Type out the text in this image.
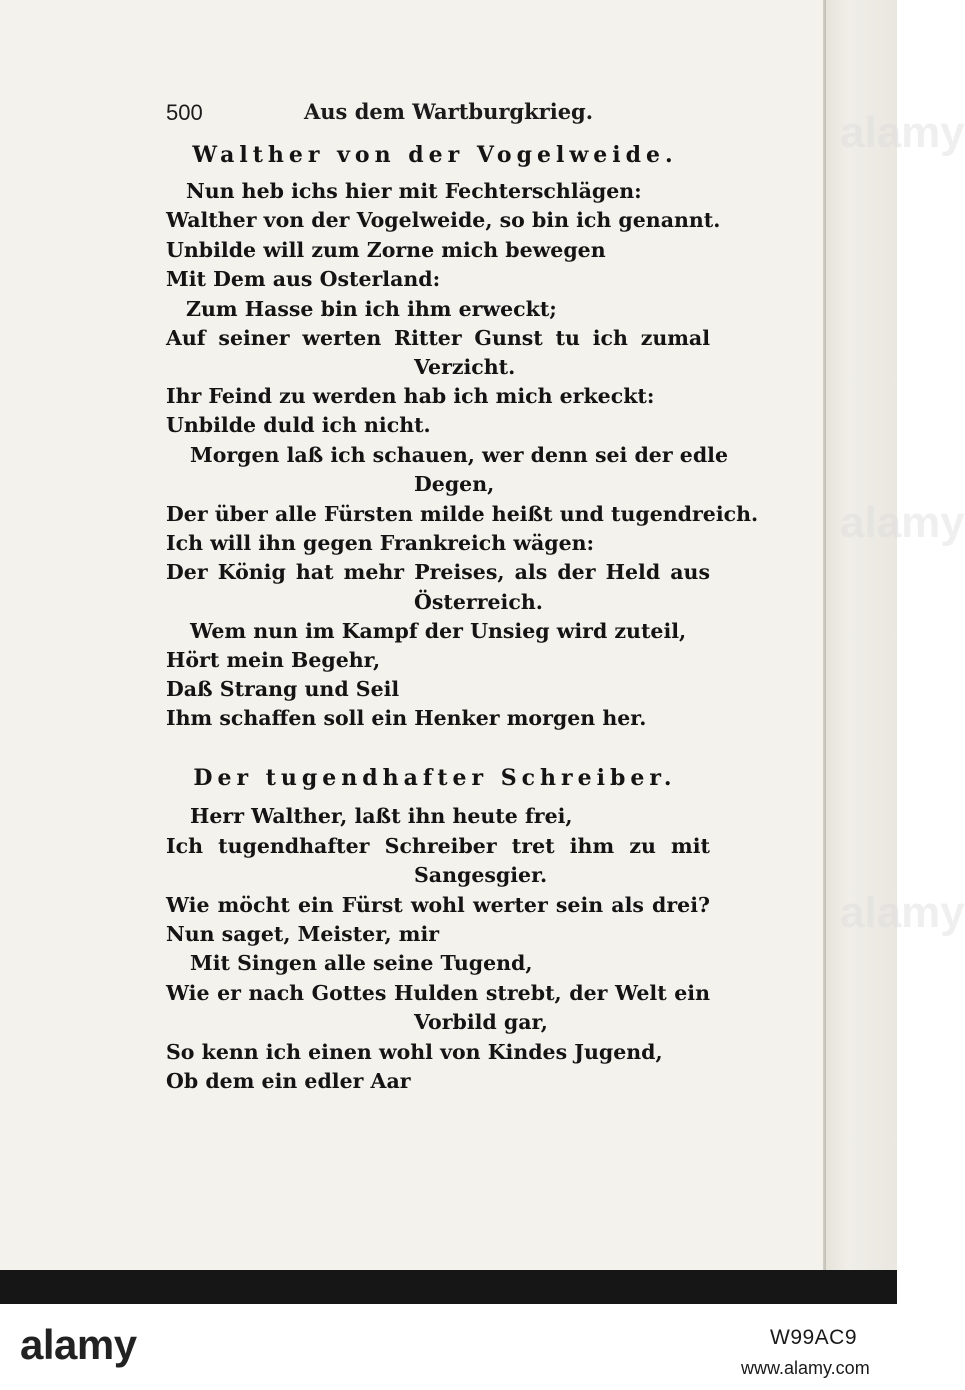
alamy
alamy
alamy
500	Aus dem Wartburgkrieg.
Walther von der Vogelweide.
Nun heb ichs hier mit Fechterschlägen:
Walther von der Vogelweide, so bin ich genannt.
Unbilde will zum Zorne mich bewegen
Mit Dem aus Osterland:
Zum Hasse bin ich ihm erweckt;
Auf seiner werten Ritter Gunst tu ich zumal
Verzicht.
Ihr Feind zu werden hab ich mich erkeckt:
Unbilde duld ich nicht.
Morgen laß ich schauen, wer denn sei der edle
Degen,
Der über alle Fürsten milde heißt und tugendreich.
Ich will ihn gegen Frankreich wägen:
Der König hat mehr Preises, als der Held aus
Österreich.
Wem nun im Kampf der Unsieg wird zuteil,
Hört mein Begehr,
Daß Strang und Seil
Ihm schaffen soll ein Henker morgen her.
Der tugendhafter Schreiber.
Herr Walther, laßt ihn heute frei,
Ich tugendhafter Schreiber tret ihm zu mit
Sangesgier.
Wie möcht ein Fürst wohl werter sein als drei?
Nun saget, Meister, mir
Mit Singen alle seine Tugend,
Wie er nach Gottes Hulden strebt, der Welt ein
Vorbild gar,
So kenn ich einen wohl von Kindes Jugend,
Ob dem ein edler Aar
alamy	W99AC9
www.alamy.com
